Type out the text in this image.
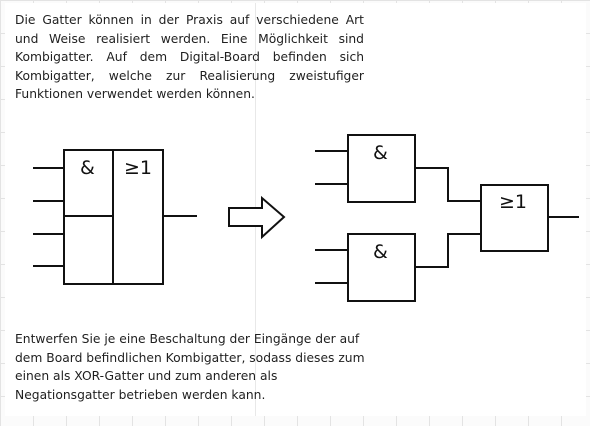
Die Gatter können in der Praxis auf verschiedene Art und Weise realisiert werden. Eine Möglichkeit sind Kombigatter. Auf dem Digital-Board befinden sich Kombigatter, welche zur Realisierung zweistufiger Funktionen verwendet werden können.

& ≥1
&
&
≥1

Entwerfen Sie je eine Beschaltung der Eingänge der auf dem Board befindlichen Kombigatter, sodass dieses zum einen als XOR-Gatter und zum anderen als Negationsgatter betrieben werden kann.
